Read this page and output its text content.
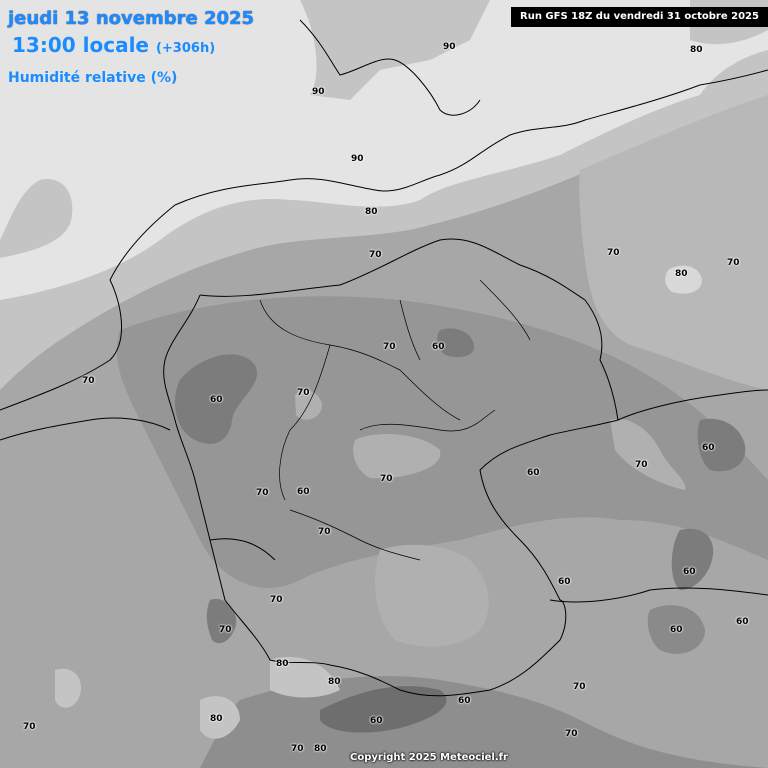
jeudi 13 novembre 2025
13:00 locale (+306h)
Humidité relative (%)
Run GFS 18Z du vendredi 31 octobre 2025
Copyright 2025 Meteociel.fr
90	80
90
90
80
70	70
80
70
70	60
70
70
60
60
70
60
70
70	60
70
60
60
70
70	60
60
80
80	70
60
80	60
70
70
70 80
